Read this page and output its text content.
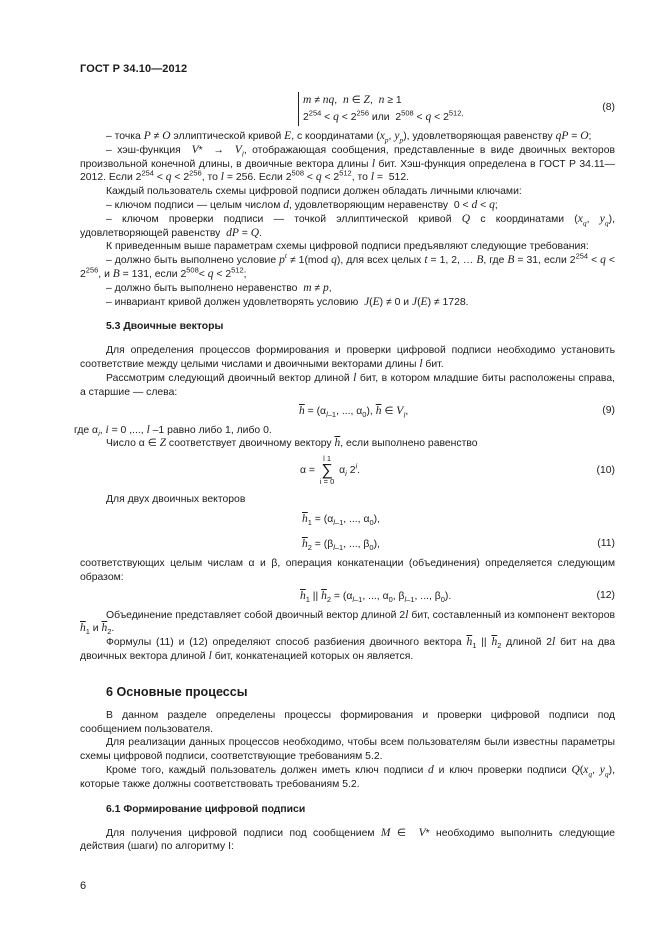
ГОСТ Р 34.10—2012
m ≠ nq,  n ∈ Z,  n ≥ 1
$2^{254} < q < 2^{256}$ или  $2^{508} < q < 2^{512,}$
(8)

– точка P ≠ O эллиптической кривой E, с координатами ($x_p$, $y_p$), удовлетворяющая равенству qP = O;

– хэш-функция  $V* \to V_l$, отображающая сообщения, представленные в виде двоичных векторов произвольной конечной длины, в двоичные вектора длины l бит. Хэш-функция определена в ГОСТ Р 34.11—2012. Если $2^{254} < q < 2^{256}$, то l = 256. Если $2^{508} < q < 2^{512}$, то l =  512.

Каждый пользователь схемы цифровой подписи должен обладать личными ключами:

– ключом подписи — целым числом d, удовлетворяющим неравенству  0 < d < q;

– ключом проверки подписи — точкой эллиптической кривой Q с координатами ($x_q$, $y_q$), удовлетворяющей равенству  dP = Q.

К приведенным выше параметрам схемы цифровой подписи предъявляют следующие требования:

– должно быть выполнено условие $p^t \ne 1(mod$ q), для всех целых t = 1, 2, … B, где B = 31, если $2^{254} < q < 2^{256}$, и B = 131, если $2^{508}< q < 2^{512}$;

– должно быть выполнено неравенство  m ≠ p,

– инвариант кривой должен удовлетворять условию  J(E) ≠ 0 и J(E) ≠ 1728.

5.3 Двоичные векторы

Для определения процессов формирования и проверки цифровой подписи необходимо установить соответствие между целыми числами и двоичными векторами длины l бит.

Рассмотрим следующий двоичный вектор длиной l бит, в котором младшие биты расположены справа, а старшие — слева:

$\overline{h} = (\alpha_{l-1}$, ..., $\alpha_0$), $\overline{h}$ ∈ $V_l$,	(9)

где $\alpha_i$, i = 0 ,..., l –1 равно либо 1, либо 0.

Число α ∈ Z соответствует двоичному вектору $\overline{h}$, если выполнено равенство

α =
l 1
∑
i = 0
$\alpha_i$ 2$^i$.	(10)

Для двух двоичных векторов

$\overline{h}_1 = (\alpha_{l-1}$, ..., $\alpha_0$),
$\overline{h}_2 = (\beta_{l-1}$, ..., $\beta_0$),	(11)

соответствующих целым числам α и β, операция конкатенации (объединения) определяется следующим образом:

$\overline{h}_1$ || $\overline{h}_2 = (\alpha_{l-1}$, ..., $\alpha_0$, $\beta_{l-1}$, ..., $\beta_0$).	(12)

Объединение представляет собой двоичный вектор длиной 2l бит, составленный из компонент векторов $\overline{h}_1$ и $\overline{h}_2$.

Формулы (11) и (12) определяют способ разбиения двоичного вектора $\overline{h}_1$ || $\overline{h}_2$ длиной 2l бит на два двоичных вектора длиной l бит, конкатенацией которых он является.

6 Основные процессы

В данном разделе определены процессы формирования и проверки цифровой подписи под сообщением пользователя.

Для реализации данных процессов необходимо, чтобы всем пользователям были известны параметры схемы цифровой подписи, соответствующие требованиям 5.2.

Кроме того, каждый пользователь должен иметь ключ подписи d и ключ проверки подписи $Q(x_q$, $y_q$), которые также должны соответствовать требованиям 5.2.

6.1 Формирование цифровой подписи

Для получения цифровой подписи под сообщением M ∈  V* необходимо выполнить следующие действия (шаги) по алгоритму I:

6
